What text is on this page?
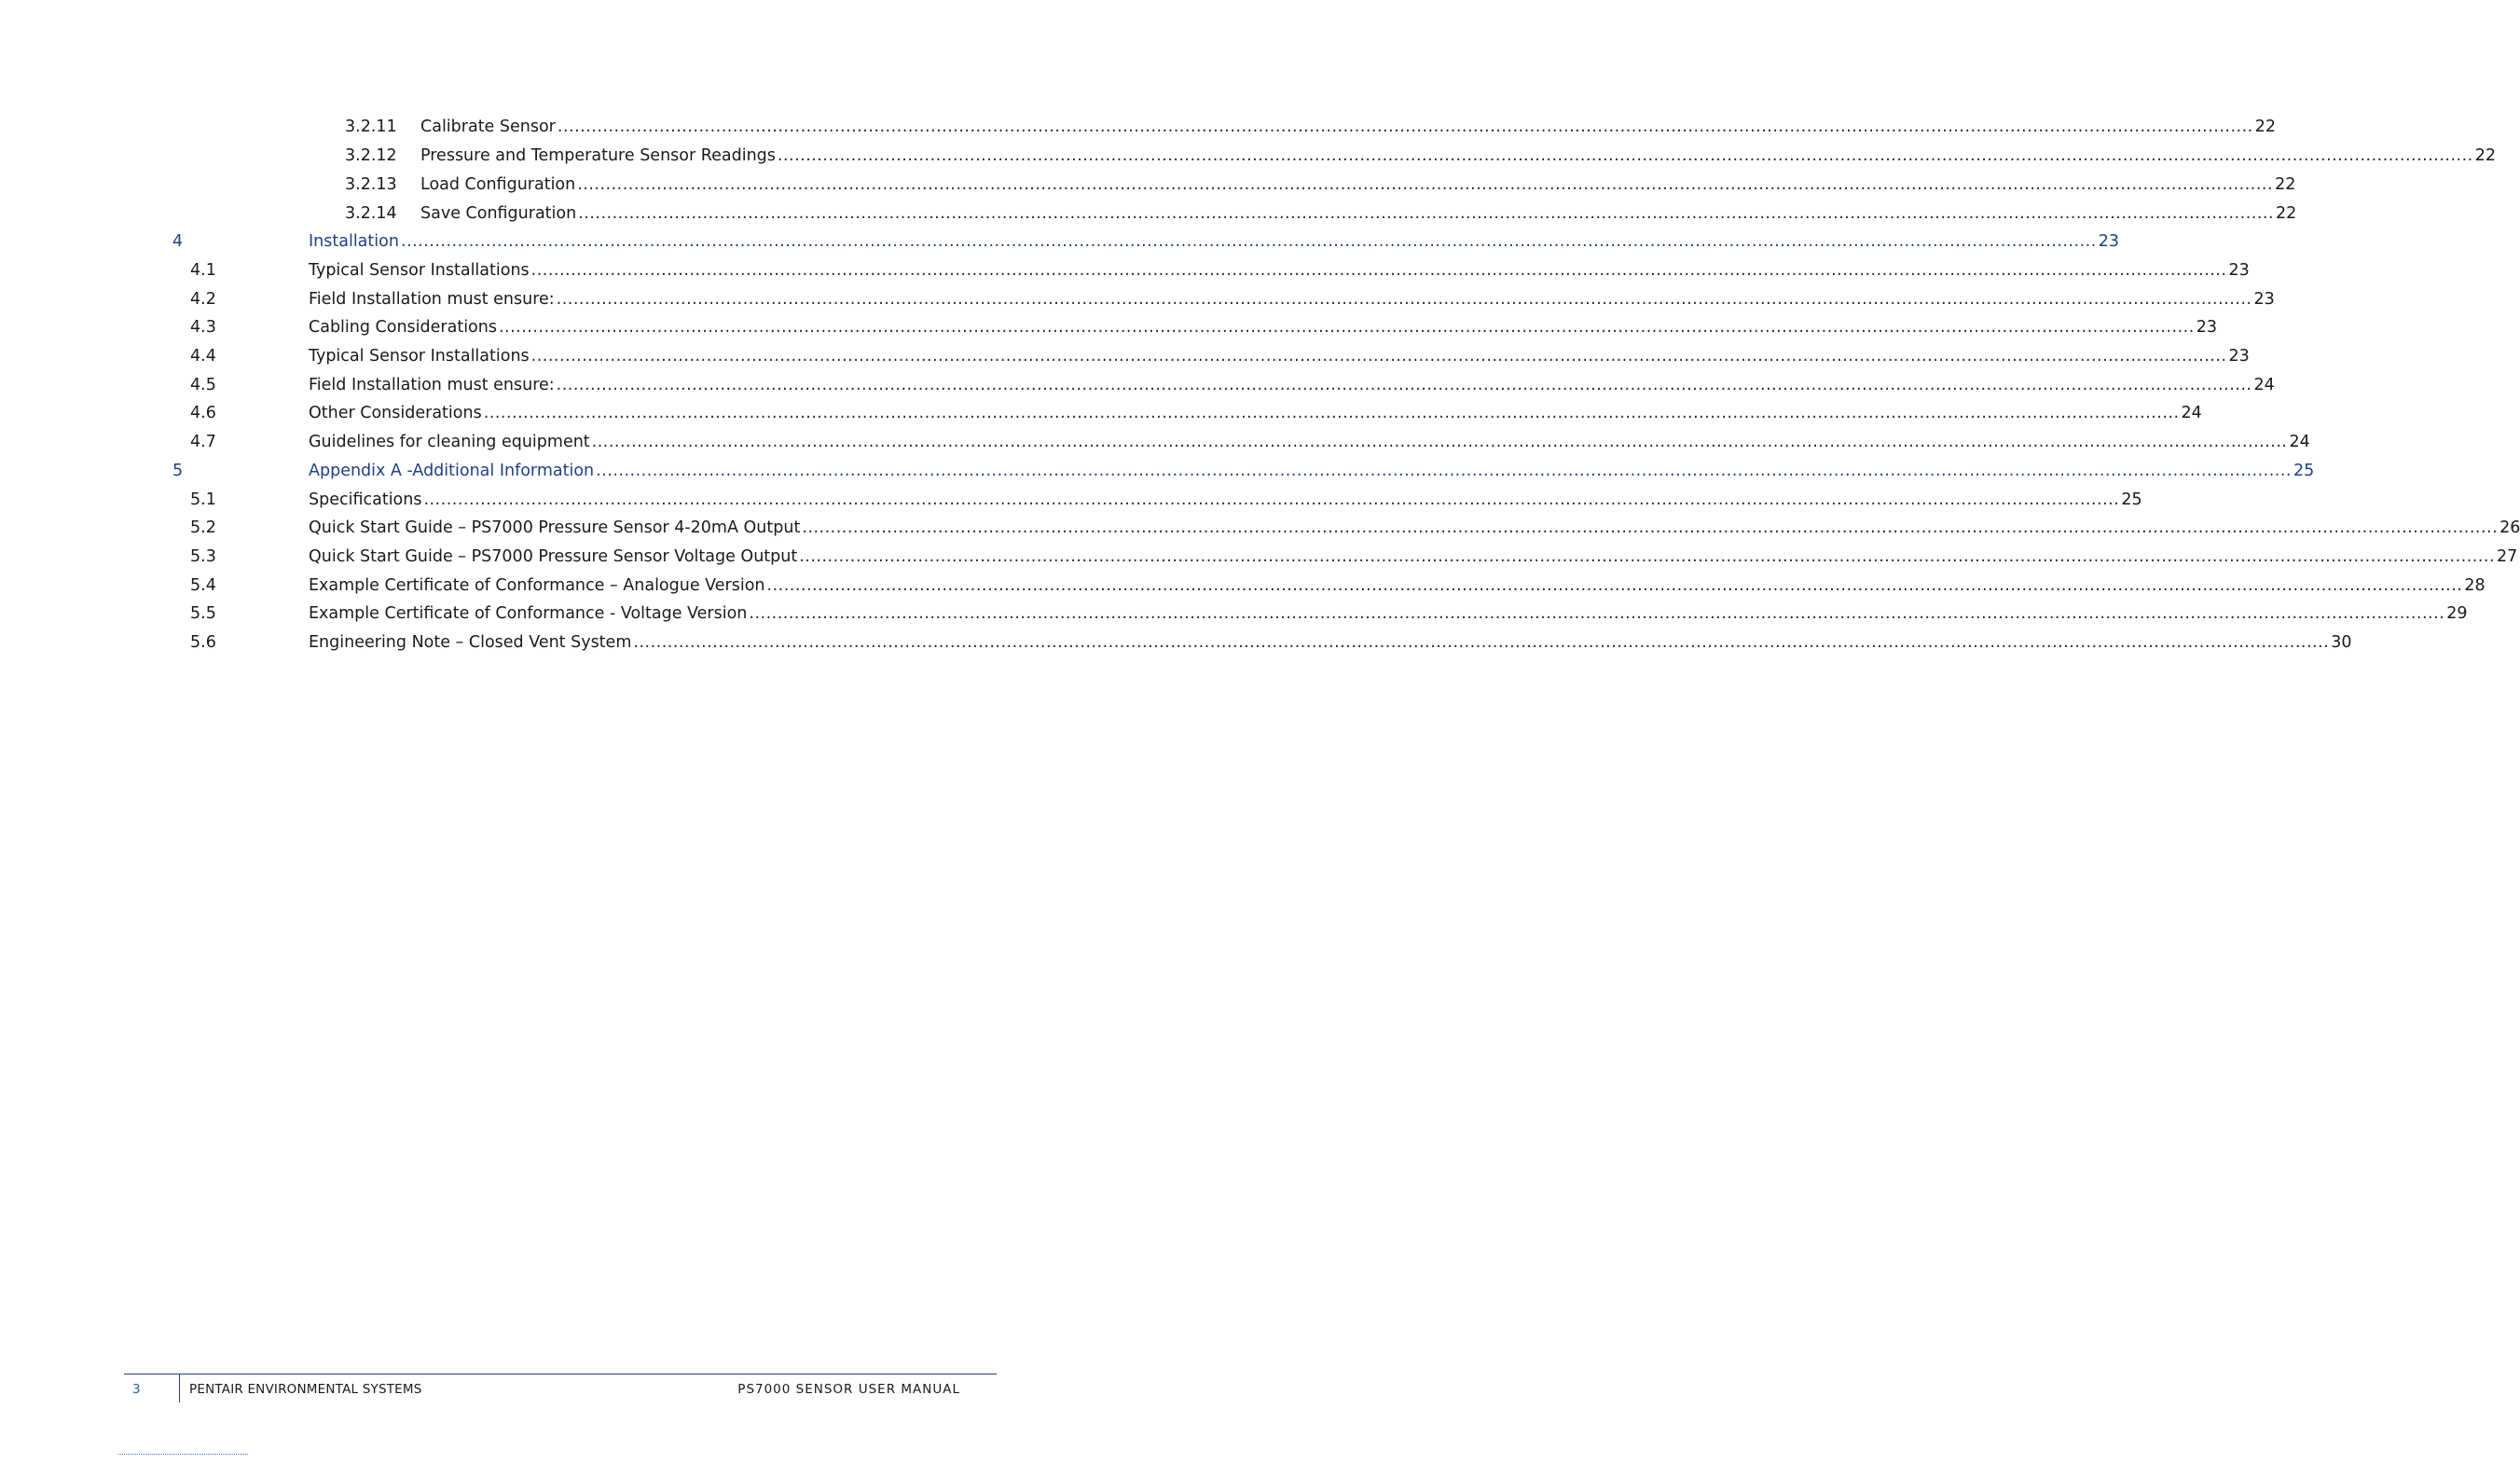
3.2.11 Calibrate Sensor ............................................................................................................................................................................................................................................................................................................ 22
3.2.12 Pressure and Temperature Sensor Readings ............................................................................................................................................................................................................................................................................................................ 22
3.2.13 Load Configuration ............................................................................................................................................................................................................................................................................................................ 22
3.2.14 Save Configuration ............................................................................................................................................................................................................................................................................................................ 22
4	Installation ............................................................................................................................................................................................................................................................................................................ 23
4.1	Typical Sensor Installations ............................................................................................................................................................................................................................................................................................................ 23
4.2	Field Installation must ensure: ............................................................................................................................................................................................................................................................................................................ 23
4.3	Cabling Considerations ............................................................................................................................................................................................................................................................................................................ 23
4.4	Typical Sensor Installations ............................................................................................................................................................................................................................................................................................................ 23
4.5	Field Installation must ensure: ............................................................................................................................................................................................................................................................................................................ 24
4.6	Other Considerations ............................................................................................................................................................................................................................................................................................................ 24
4.7	Guidelines for cleaning equipment ............................................................................................................................................................................................................................................................................................................ 24
5	Appendix A -Additional Information ............................................................................................................................................................................................................................................................................................................ 25
5.1	Specifications ............................................................................................................................................................................................................................................................................................................ 25
5.2	Quick Start Guide – PS7000 Pressure Sensor 4-20mA Output ............................................................................................................................................................................................................................................................................................................ 26
5.3	Quick Start Guide – PS7000 Pressure Sensor Voltage Output ............................................................................................................................................................................................................................................................................................................ 27
5.4	Example Certificate of Conformance – Analogue Version ............................................................................................................................................................................................................................................................................................................ 28
5.5	Example Certificate of Conformance - Voltage Version ............................................................................................................................................................................................................................................................................................................ 29
5.6	Engineering Note – Closed Vent System ............................................................................................................................................................................................................................................................................................................ 30
3	PENTAIR ENVIRONMENTAL SYSTEMS	PS7000 SENSOR USER MANUAL
